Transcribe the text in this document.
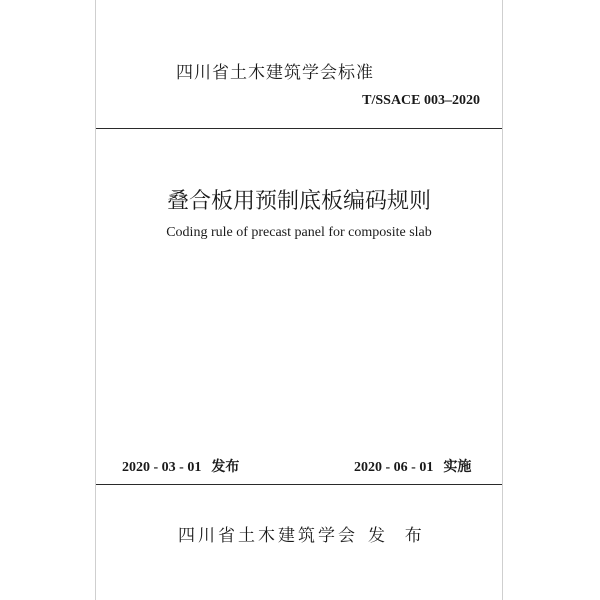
四川省土木建筑学会标准
T/SSACE 003–2020
叠合板用预制底板编码规则
Coding rule of precast panel for composite slab
2020 - 03 - 01 发布	2020 - 06 - 01 实施
四川省土木建筑学会 发  布
